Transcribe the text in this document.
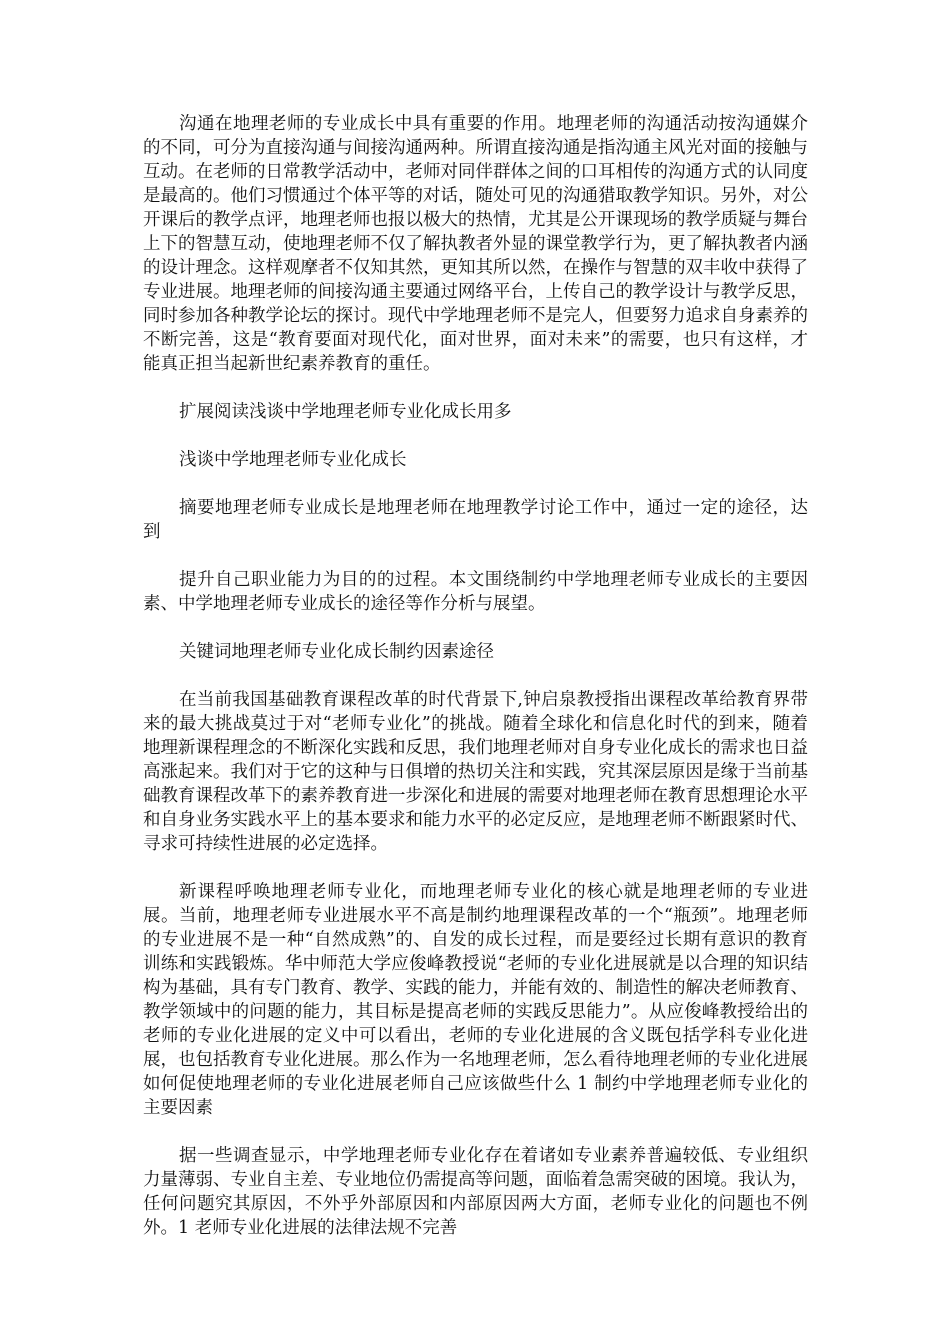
沟通在地理老师的专业成长中具有重要的作用。地理老师的沟通活动按沟通媒介的不同，可分为直接沟通与间接沟通两种。所谓直接沟通是指沟通主风光对面的接触与互动。在老师的日常教学活动中，老师对同伴群体之间的口耳相传的沟通方式的认同度是最高的。他们习惯通过个体平等的对话，随处可见的沟通猎取教学知识。另外，对公开课后的教学点评，地理老师也报以极大的热情，尤其是公开课现场的教学质疑与舞台上下的智慧互动，使地理老师不仅了解执教者外显的课堂教学行为，更了解执教者内涵的设计理念。这样观摩者不仅知其然，更知其所以然，在操作与智慧的双丰收中获得了专业进展。地理老师的间接沟通主要通过网络平台，上传自己的教学设计与教学反思，同时参加各种教学论坛的探讨。现代中学地理老师不是完人，但要努力追求自身素养的不断完善，这是“教育要面对现代化，面对世界，面对未来”的需要，也只有这样，才能真正担当起新世纪素养教育的重任。

扩展阅读浅谈中学地理老师专业化成长用多

浅谈中学地理老师专业化成长

摘要地理老师专业成长是地理老师在地理教学讨论工作中，通过一定的途径，达到

提升自己职业能力为目的的过程。本文围绕制约中学地理老师专业成长的主要因素、中学地理老师专业成长的途径等作分析与展望。

关键词地理老师专业化成长制约因素途径

在当前我国基础教育课程改革的时代背景下,钟启泉教授指出课程改革给教育界带来的最大挑战莫过于对“老师专业化”的挑战。随着全球化和信息化时代的到来，随着地理新课程理念的不断深化实践和反思，我们地理老师对自身专业化成长的需求也日益高涨起来。我们对于它的这种与日俱增的热切关注和实践，究其深层原因是缘于当前基础教育课程改革下的素养教育进一步深化和进展的需要对地理老师在教育思想理论水平和自身业务实践水平上的基本要求和能力水平的必定反应，是地理老师不断跟紧时代、寻求可持续性进展的必定选择。

新课程呼唤地理老师专业化，而地理老师专业化的核心就是地理老师的专业进展。当前，地理老师专业进展水平不高是制约地理课程改革的一个“瓶颈”。地理老师的专业进展不是一种“自然成熟”的、自发的成长过程，而是要经过长期有意识的教育训练和实践锻炼。华中师范大学应俊峰教授说“老师的专业化进展就是以合理的知识结构为基础，具有专门教育、教学、实践的能力，并能有效的、制造性的解决老师教育、教学领域中的问题的能力，其目标是提高老师的实践反思能力”。从应俊峰教授给出的老师的专业化进展的定义中可以看出，老师的专业化进展的含义既包括学科专业化进展，也包括教育专业化进展。那么作为一名地理老师，怎么看待地理老师的专业化进展如何促使地理老师的专业化进展老师自己应该做些什么 1 制约中学地理老师专业化的主要因素

据一些调查显示，中学地理老师专业化存在着诸如专业素养普遍较低、专业组织力量薄弱、专业自主差、专业地位仍需提高等问题，面临着急需突破的困境。我认为，任何问题究其原因，不外乎外部原因和内部原因两大方面，老师专业化的问题也不例外。1 老师专业化进展的法律法规不完善
